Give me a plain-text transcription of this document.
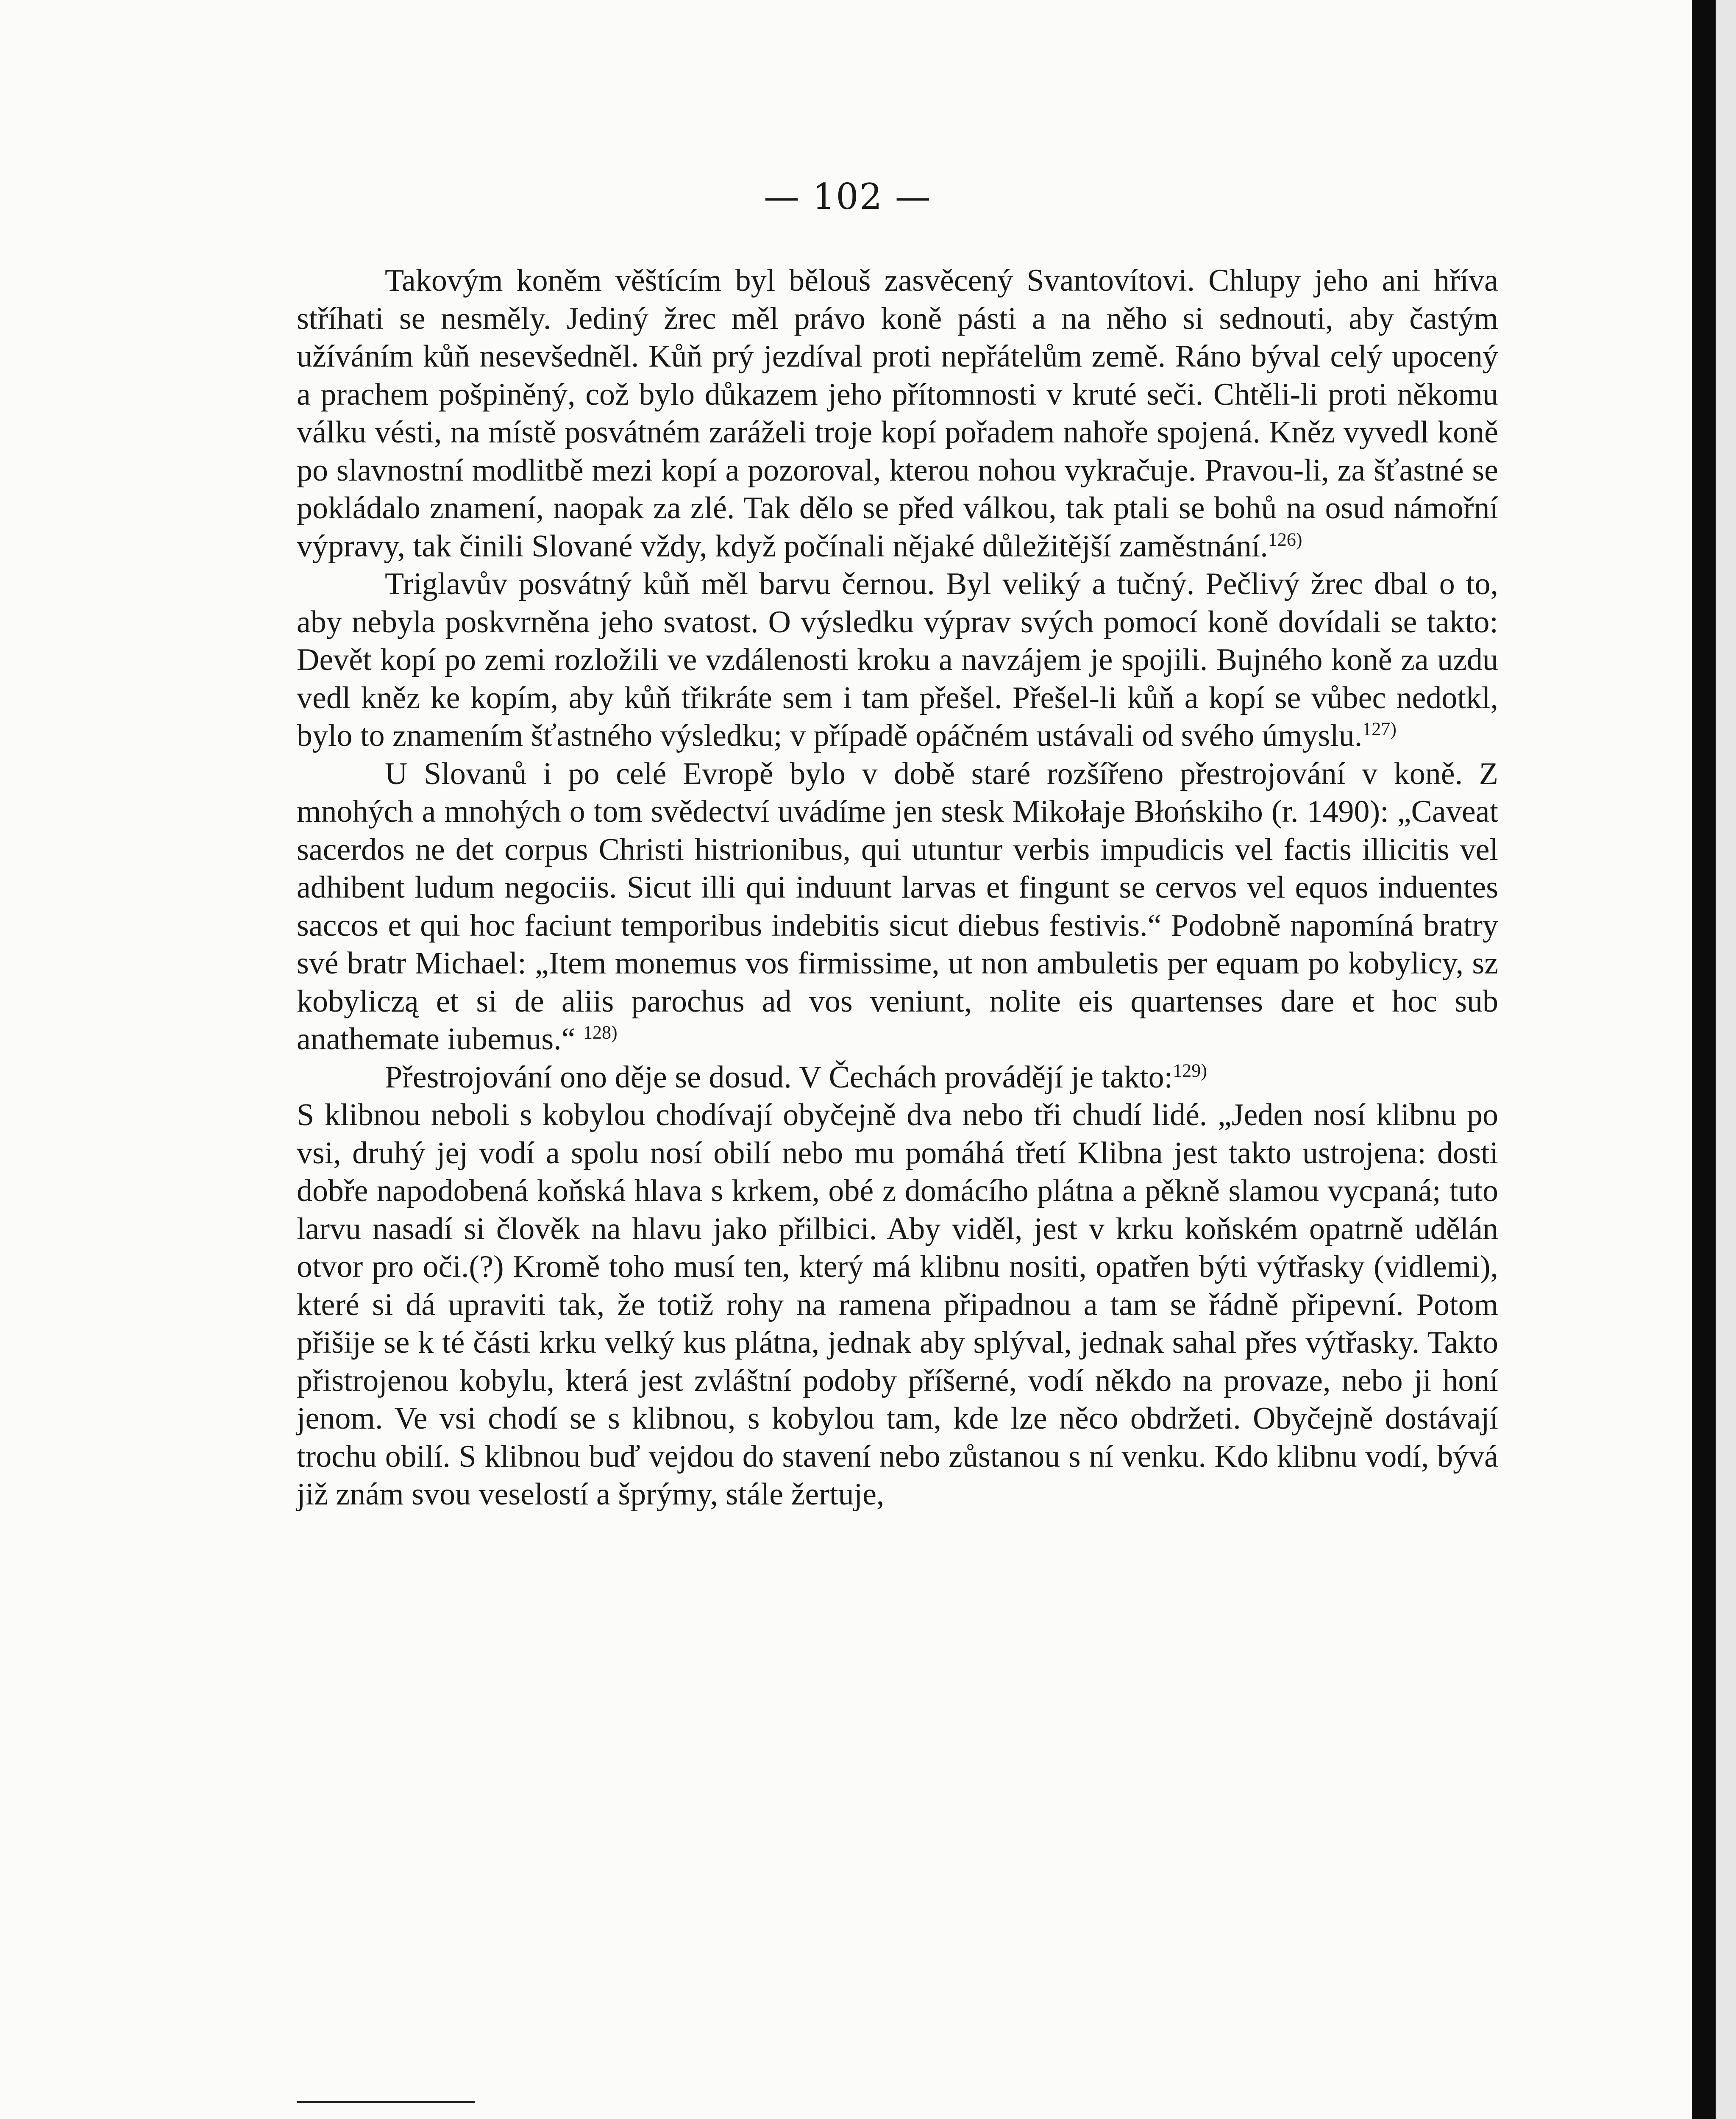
— 102 —

Takovým koněm věštícím byl bělouš zasvěcený Svantovítovi. Chlupy jeho ani hříva stříhati se nesměly. Jediný žrec měl právo koně pásti a na něho si sednouti, aby častým užíváním kůň nesevšedněl. Kůň prý jezdíval proti nepřátelům země. Ráno býval celý upocený a prachem pošpiněný, což bylo důkazem jeho přítomnosti v kruté seči. Chtěli-li proti někomu válku vésti, na místě posvátném zaráželi troje kopí pořadem nahoře spojená. Kněz vyvedl koně po slavnostní modlitbě mezi kopí a pozoroval, kterou nohou vykračuje. Pravou-li, za šťastné se pokládalo znamení, naopak za zlé. Tak dělo se před válkou, tak ptali se bohů na osud námořní výpravy, tak činili Slované vždy, když počínali nějaké důležitější zaměstnání.$^{126)}$

Triglavův posvátný kůň měl barvu černou. Byl veliký a tučný. Pečlivý žrec dbal o to, aby nebyla poskvrněna jeho svatost. O výsledku výprav svých pomocí koně dovídali se takto: Devět kopí po zemi rozložili ve vzdálenosti kroku a navzájem je spojili. Bujného koně za uzdu vedl kněz ke kopím, aby kůň třikráte sem i tam přešel. Přešel-li kůň a kopí se vůbec nedotkl, bylo to znamením šťastného výsledku; v případě opáčném ustávali od svého úmyslu.$^{127)}$

U Slovanů i po celé Evropě bylo v době staré rozšířeno přestrojování v koně. Z mnohých a mnohých o tom svědectví uvádíme jen stesk Mikołaje Błońskiho (r. 1490): „Caveat sacerdos ne det corpus Christi histrionibus, qui utuntur verbis impudicis vel factis illicitis vel adhibent ludum negociis. Sicut illi qui induunt larvas et fingunt se cervos vel equos induentes saccos et qui hoc faciunt temporibus indebitis sicut diebus festivis.“ Podobně napomíná bratry své bratr Michael: „Item monemus vos firmissime, ut non ambuletis per equam po kobylicy, sz kobyliczą et si de aliis parochus ad vos veniunt, nolite eis quartenses dare et hoc sub anathemate iubemus.“ $^{128)}$

Přestrojování ono děje se dosud. V Čechách provádějí je takto:$^{129)}$
S klibnou neboli s kobylou chodívají obyčejně dva nebo tři chudí lidé. „Jeden nosí klibnu po vsi, druhý jej vodí a spolu nosí obilí nebo mu pomáhá třetí Klibna jest takto ustrojena: dosti dobře napodobená koňská hlava s krkem, obé z domácího plátna a pěkně slamou vycpaná; tuto larvu nasadí si člověk na hlavu jako přilbici. Aby viděl, jest v krku koňském opatrně udělán otvor pro oči.(?) Kromě toho musí ten, který má klibnu nositi, opatřen býti výtřasky (vidlemi), které si dá upraviti tak, že totiž rohy na ramena připadnou a tam se řádně připevní. Potom přišije se k té části krku velký kus plátna, jednak aby splýval, jednak sahal přes výtřasky. Takto přistrojenou kobylu, která jest zvláštní podoby příšerné, vodí někdo na provaze, nebo ji honí jenom. Ve vsi chodí se s klibnou, s kobylou tam, kde lze něco obdržeti. Obyčejně dostávají trochu obilí. S klibnou buď vejdou do stavení nebo zůstanou s ní venku. Kdo klibnu vodí, bývá již znám svou veselostí a šprýmy, stále žertuje,
